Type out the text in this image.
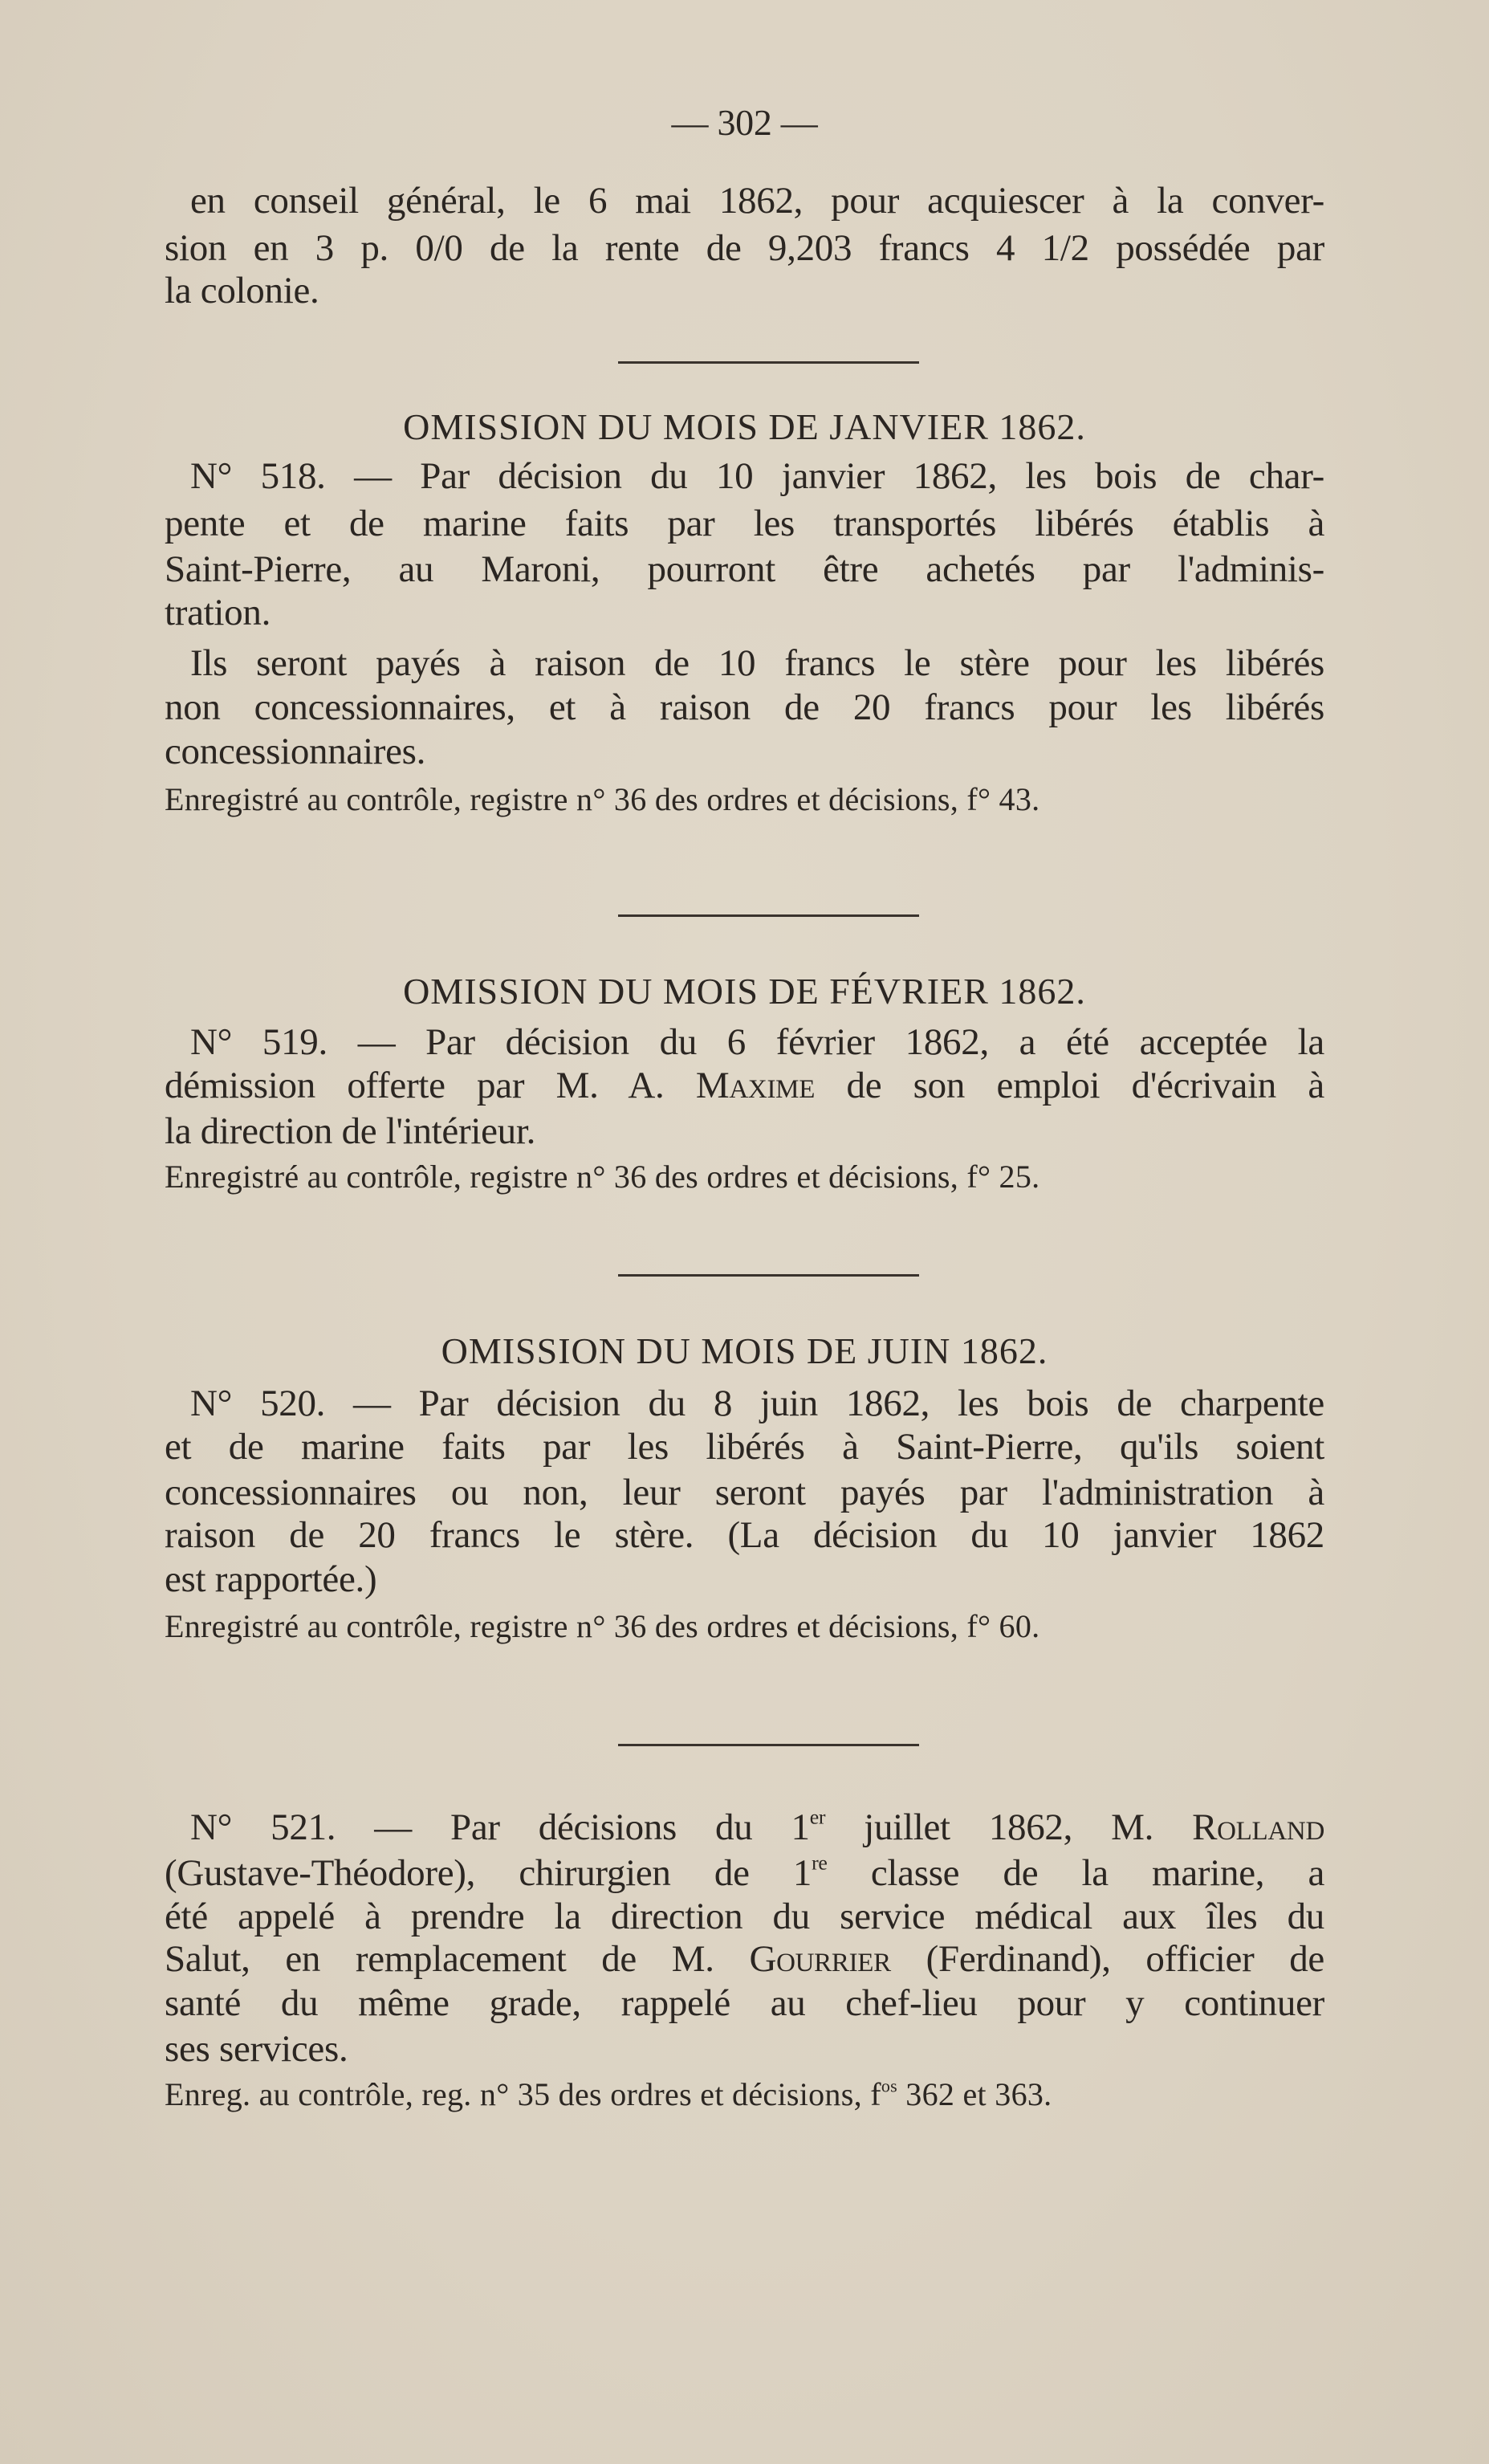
— 302 —
en conseil général, le 6 mai 1862, pour acquiescer à la conver-
sion en 3 p. 0/0 de la rente de 9,203 francs 4 1/2 possédée par
la colonie.
OMISSION DU MOIS DE JANVIER 1862.
N° 518. — Par décision du 10 janvier 1862, les bois de char-
pente et de marine faits par les transportés libérés établis à
Saint-Pierre, au Maroni, pourront être achetés par l'adminis-
tration.
Ils seront payés à raison de 10 francs le stère pour les libérés
non concessionnaires, et à raison de 20 francs pour les libérés
concessionnaires.
Enregistré au contrôle, registre n° 36 des ordres et décisions, f° 43.
OMISSION DU MOIS DE FÉVRIER 1862.
N° 519. — Par décision du 6 février 1862, a été acceptée la
démission offerte par M. A. Maxime de son emploi d'écrivain à
la direction de l'intérieur.
Enregistré au contrôle, registre n° 36 des ordres et décisions, f° 25.
OMISSION DU MOIS DE JUIN 1862.
N° 520. — Par décision du 8 juin 1862, les bois de charpente
et de marine faits par les libérés à Saint-Pierre, qu'ils soient
concessionnaires ou non, leur seront payés par l'administration à
raison de 20 francs le stère. (La décision du 10 janvier 1862
est rapportée.)
Enregistré au contrôle, registre n° 36 des ordres et décisions, f° 60.
N° 521. — Par décisions du 1er juillet 1862, M. Rolland
(Gustave-Théodore), chirurgien de 1re classe de la marine, a
été appelé à prendre la direction du service médical aux îles du
Salut, en remplacement de M. Gourrier (Ferdinand), officier de
santé du même grade, rappelé au chef-lieu pour y continuer
ses services.
Enreg. au contrôle, reg. n° 35 des ordres et décisions, $f^{os}$ 362 et 363.
